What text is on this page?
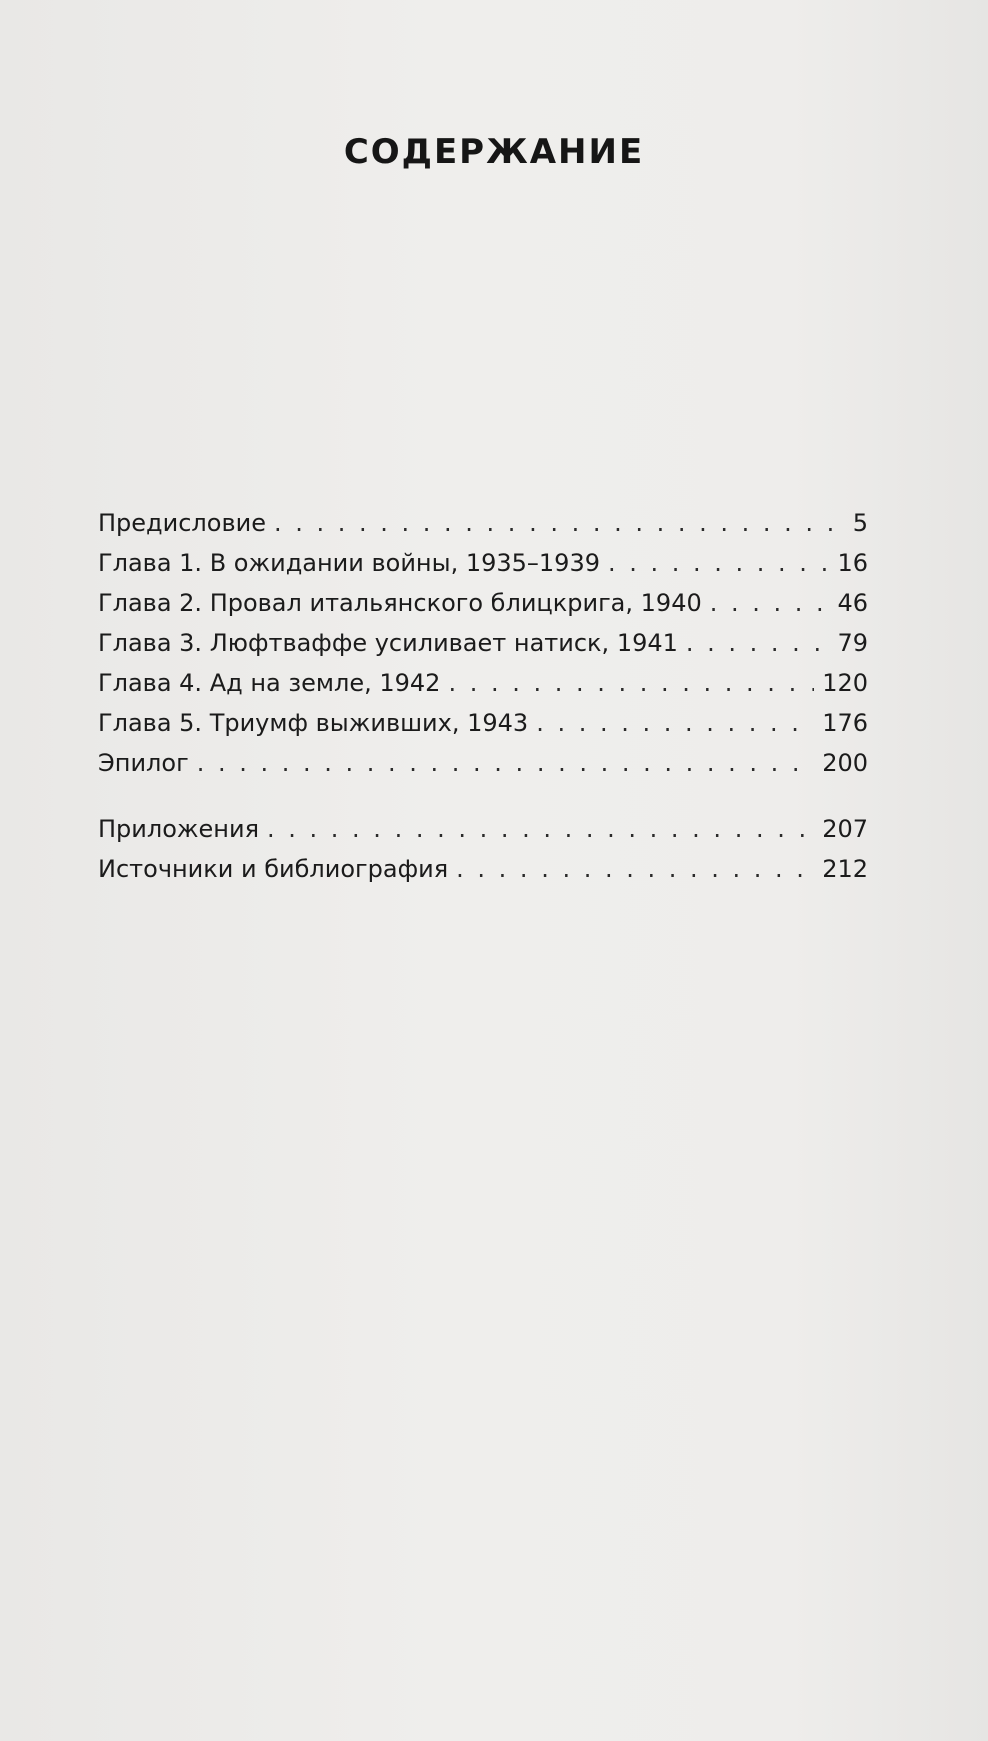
СОДЕРЖАНИЕ
Предисловие . . .	5
Глава 1. В ожидании войны, 1935–1939 . . .	16
Глава 2. Провал итальянского блицкрига, 1940 . . .	46
Глава 3. Люфтваффе усиливает натиск, 1941 . . .	79
Глава 4. Ад на земле, 1942 . . .	120
Глава 5. Триумф выживших, 1943 . . .	176
Эпилог . . .	200
Приложения . . .	207
Источники и библиография . . .	212
